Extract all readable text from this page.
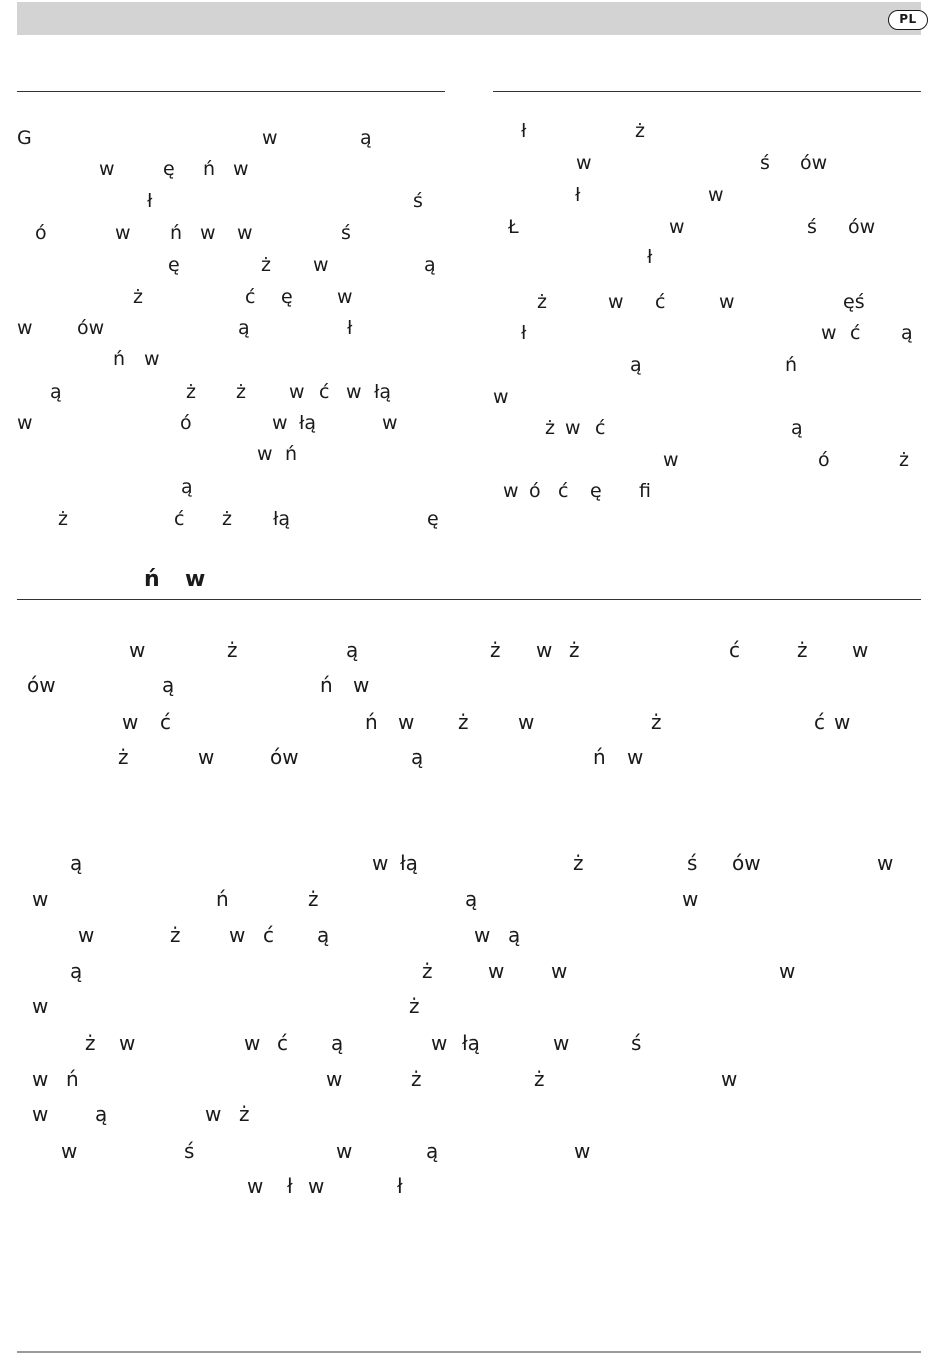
PL
G	w	ą
w	ę ń w
ł	ś
ó	w ń w w	ś
ę	ż w	ą
ż	ć ę w
w ów	ą	ł
ń w
ą	ż ż w ć w łą
w	ó	w łą	w
w ń
ą
ż	ć ż łą	ę
ł	ż
w	ś ów
ł	w
Ł	w	ś ów
ł
ż	w ć	w	ęś
ł	w ć ą
ą	ń
w
ż w ć	ą
w	ó	ż
w ó ć ę fi
ń w
w	ż	ą	ż w ż	ć	ż w
ów	ą	ń w
w ć	ń w ż w	ż	ć w
ż	w	ów	ą	ń w
ą	w łą	ż	ś ów	w
w	ń	ż	ą	w
w	ż w ć ą	w ą
ą	ż	w w	w
w	ż
ż w	w ć ą	w łą	w	ś
w ń	w	ż	ż	w
w ą	w ż
w	ś	w	ą	w
w ł w	ł
